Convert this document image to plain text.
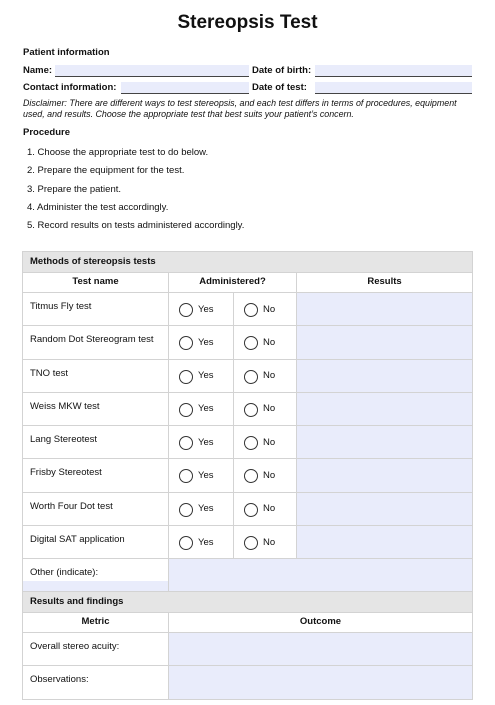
Stereopsis Test
Patient information
Name:	Date of birth:
Contact information:	Date of test:
Disclaimer: There are different ways to test stereopsis, and each test differs in terms of procedures, equipment used, and results. Choose the appropriate test that best suits your patient’s concern.
Procedure
1. Choose the appropriate test to do below.
2. Prepare the equipment for the test.
3. Prepare the patient.
4. Administer the test accordingly.
5. Record results on tests administered accordingly.
Methods of stereopsis tests			
Test name	Administered?		Results
Titmus Fly test	Yes	No	

Random Dot Stereogram test	Yes	No	

TNO test	Yes	No	

Weiss MKW test	Yes	No	

Lang Stereotest	Yes	No	

Frisby Stereotest	Yes	No	

Worth Four Dot test	Yes	No	

Digital SAT application	Yes	No	

Other (indicate):		

Results and findings	
Metric	Outcome
Overall stereo acuity:	
Observations:	
